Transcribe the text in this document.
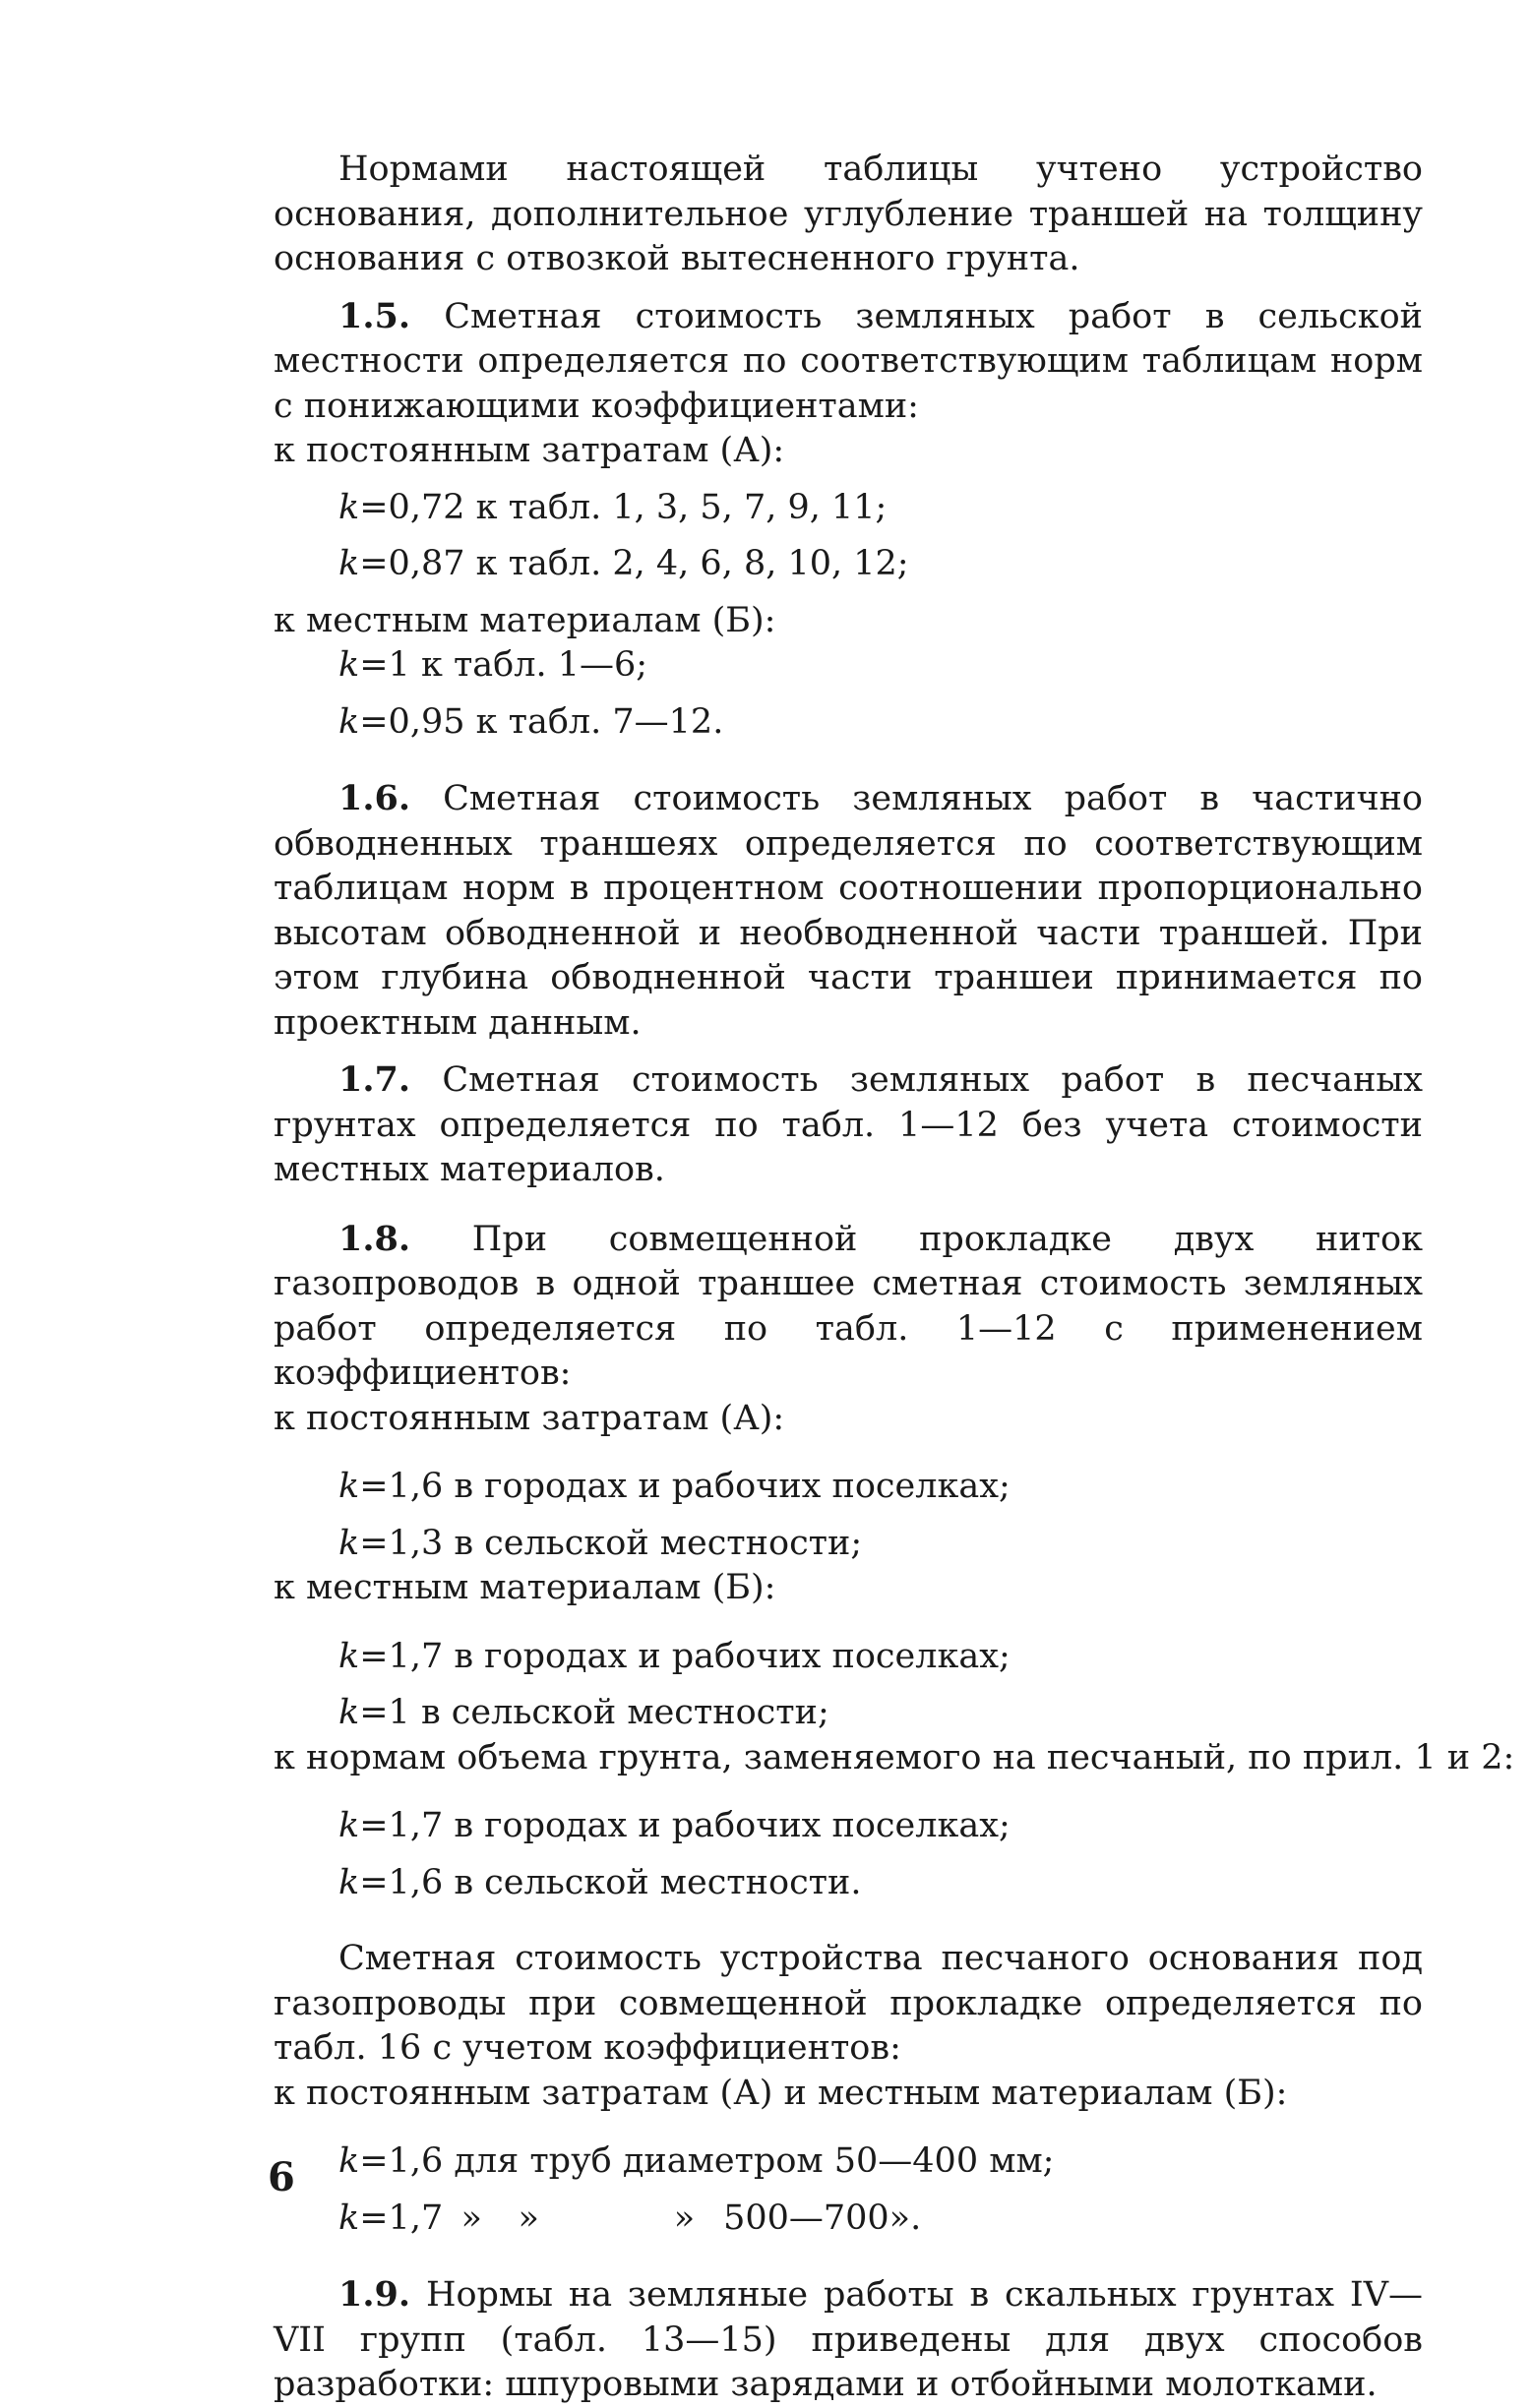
Нормами настоящей таблицы учтено устройство основания, дополнительное углубление траншей на толщину основания с отвозкой вытесненного грунта.

1.5. Сметная стоимость земляных работ в сельской местности определяется по соответствующим таблицам норм с понижающими коэффициентами:

к постоянным затратам (А):

k=0,72 к табл. 1, 3, 5, 7, 9, 11;

k=0,87 к табл. 2, 4, 6, 8, 10, 12;

к местным материалам (Б):

k=1 к табл. 1—6;

k=0,95 к табл. 7—12.

1.6. Сметная стоимость земляных работ в частично обводненных траншеях определяется по соответствующим таблицам норм в процентном соотношении пропорционально высотам обводненной и необводненной части траншей. При этом глубина обводненной части траншеи принимается по проектным данным.

1.7. Сметная стоимость земляных работ в песчаных грунтах определяется по табл. 1—12 без учета стоимости местных материалов.

1.8. При совмещенной прокладке двух ниток газопроводов в одной траншее сметная стоимость земляных работ определяется по табл. 1—12 с применением коэффициентов:

к постоянным затратам (А):

k=1,6 в городах и рабочих поселках;

k=1,3 в сельской местности;

к местным материалам (Б):

k=1,7 в городах и рабочих поселках;

k=1 в сельской местности;

к нормам объема грунта, заменяемого на песчаный, по прил. 1 и 2:

k=1,7 в городах и рабочих поселках;

k=1,6 в сельской местности.

Сметная стоимость устройства песчаного основания под газопроводы при совмещенной прокладке определяется по табл. 16 с учетом коэффициентов:

к постоянным затратам (А) и местным материалам (Б):

k=1,6 для труб диаметром 50—400 мм;

k=1,7 » »	» 500—700».

1.9. Нормы на земляные работы в скальных грунтах IV—VII групп (табл. 13—15) приведены для двух способов разработки: шпуровыми зарядами и отбойными молотками.

6
